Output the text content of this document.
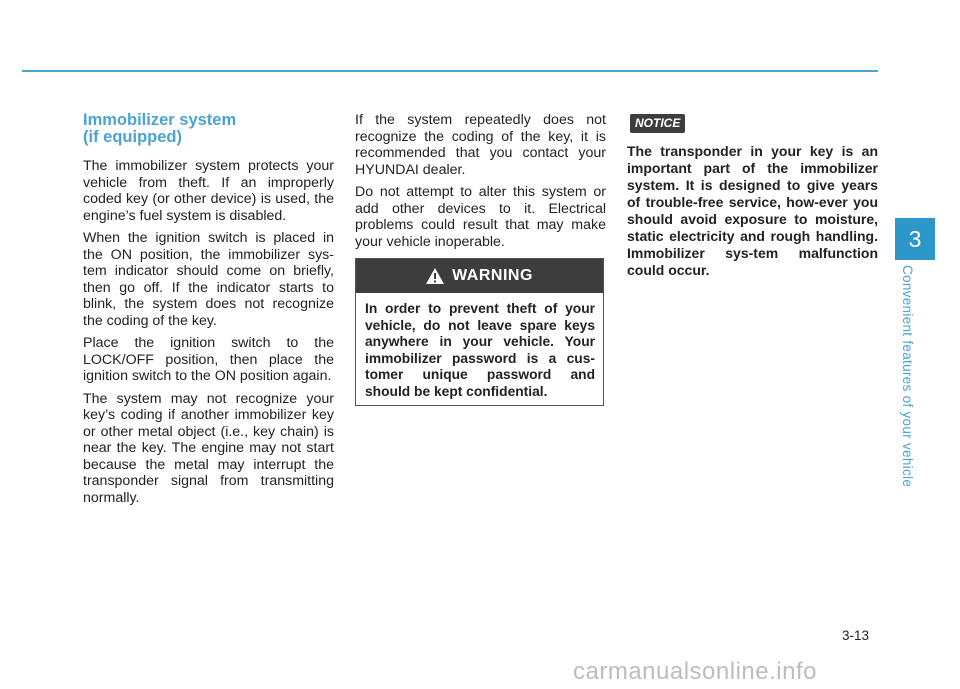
Immobilizer system
(if equipped)

The immobilizer system protects your vehicle from theft. If an improperly coded key (or other device) is used, the engine’s fuel system is disabled.

When the ignition switch is placed in the ON position, the immobilizer sys-tem indicator should come on briefly, then go off. If the indicator starts to blink, the system does not recognize the coding of the key.

Place the ignition switch to the LOCK/OFF position, then place the ignition switch to the ON position again.

The system may not recognize your key’s coding if another immobilizer key or other metal object (i.e., key chain) is near the key. The engine may not start because the metal may interrupt the transponder signal from transmitting normally.

If the system repeatedly does not recognize the coding of the key, it is recommended that you contact your HYUNDAI dealer.

Do not attempt to alter this system or add other devices to it. Electrical problems could result that may make your vehicle inoperable.

WARNING
In order to prevent theft of your vehicle, do not leave spare keys anywhere in your vehicle. Your immobilizer password is a cus-tomer unique password and should be kept confidential.
NOTICE
The transponder in your key is an important part of the immobilizer system. It is designed to give years of trouble-free service, how-ever you should avoid exposure to moisture, static electricity and rough handling. Immobilizer sys-tem malfunction could occur.
3
Convenient features of your vehicle
3-13
carmanualsonline.info
